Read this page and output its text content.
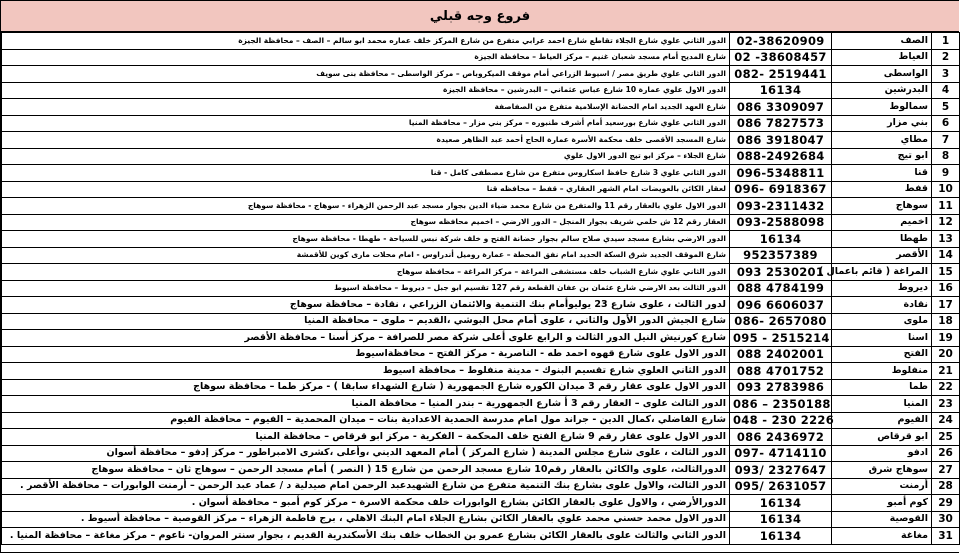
فروع وجه قبلي
الدور الثاني علوي شارع الجلاء تقاطع شارع احمد عرابي متفرع من شارع المركز خلف عماره محمد ابو سالم – الصف – محافظة الجيزة	02-38620909	الصف	1
شارع المديح أمام مسجد شعبان غنيم – مركز العياط – محافظة الجيزة	02 -38608457	العياط	2
الدور الثاني علوي طريق مصر / اسيوط الزراعي أمام موقف الميكروباص – مركز الواسطى – محافظة بنى سويف	082- 2519441	الواسطى	3
الدور الاول علوي عمارة 10 شارع عباس عثماني – البدرشين – محافظة الجيزة	16134	البدرشين	4
شارع العهد الجديد امام الحضانة الإسلامية متفرع من الصفاصفة	086 3309097	سمالوط	5
الدور الثاني علوي شارع بورسعيد أمام أشرف طنبوره – مركز بني مزار – محافظة المنيا	086 7827573	بني مزار	6
شارع المسجد الأقصى خلف محكمة الأسرة عمارة الحاج أحمد عبد الظاهر صعيدة	086 3918047	مطاي	7
شارع الجلاء – مركز ابو تيج الدور الاول علوي	088-2492684	ابو تيج	8
الدور الثاني علوي 3 شارع حافظ اسكاروس متفرع من شارع مصطفى كامل - قنا	096-5348811	قنا	9
لعقار الكائن بالعويضات امام الشهر العقاري – قفط – محافظه قنا	096- 6918367	قفط	10
الدور الاول علوي بالعقار رقم 11 والمتفرع من شارع محمد ضياء الدين بجوار مسجد عبد الرحمن الزهراء - سوهاج - محافظة سوهاج	093-2311432	سوهاج	11
العقار رقم 12 ش حلمي شريف بجوار المنجل – الدور الارضي – اخميم محافظه سوهاج	093-2588098	اخميم	12
الدور الارضي بشارع مسجد سيدي صلاح سالم بجوار حضانة الفتح و خلف شركة نبس للسياحة - طهطا - محافظة سوهاج	16134	طهطا	13
شارع الموقف الجديد شرق السكة الحديد امام نفق المحطة – عمارة روميل أندراوس - امام محلات مارى كوين للأقمشة	952357389	الأقصر	14
الدور الثاني علوي شارع الشباب خلف مستشفى المراغة – مركز المراغة – محافظة سوهاج	093 2530201	المراغة ( قائم باعمال )	15
الدور الثالث بعد الارضي شارع عثمان بن عفان القطعة رقم 127 تقسيم ابو جبل – ديروط – محافظة اسيوط	088 4784199	ديروط	16
لدور الثالث ، علوى شارع 23 يوليوأمام بنك التنمية والائتمان الزراعي ، نقادة – محافظة سوهاج	096 6606037	نقادة	17
شارع الجيش الدور الأول والثاني ، علوى أمام محل البوشي ،القديم – ملوى – محافظة المنيا	086- 2657080	ملوى	18
شارع كورنيش النيل الدور الثالث و الرابع علوى أعلى شركة مصر للصرافة – مركز أسنا – محافظة الأقصر	095 - 2515214	اسنا	19
الدور الاول علوى شارع قهوه احمد طه - الناصرية - مركز الفتح – محافظةاسيوط	088 2402001	الفتح	20
الدور الثاني العلوي شارع تقسيم البنوك - مدينة منفلوط – محافظة اسيوط	088 4701752	منفلوط	21
الدور الاول علوى عقار رقم 3 ميدان الكوره شارع الجمهورية ( شارع الشهداء سابقا ) - مركز طما – محافظة سوهاج	093 2783986	طما	22
الدور الثالث علوى – العقار رقم 3 أ شارع الجمهورية – بندر المنيا – محافظة المنيا	086 – 2350188	المنيا	23
شارع الفاضلي ،كمال الدين - جراند مول امام مدرسة الحمدية الاعدادية بنات – ميدان المحمدية – الفيوم – محافظة الفيوم	048 - 230 2226	الفيوم	24
الدور الاول علوى عقار رقم 9 شارع الفتح خلف المحكمة – الفكرية - مركز ابو قرقاص – محافظة المنيا	086 2436972	ابو قرقاص	25
الدور الثالث ، علوى شارع مجلس المدينة ( شارع المركز ) أمام المعهد الديني ،وأعلى ،كشرى الامبراطور – مركز إدفو – محافظة أسوان	097- 4714110	ادفو	26
الدورالثالث، علوى والكائن بالعقار رقم10 شارع مسجد الرحمن من شارع 15 ( النصر ) أمام مسجد الرحمن – سوهاج ثان – محافظة سوهاج	093/ 2327647	سوهاج شرق	27
الدور الثالث، والاول علوى بشارع بنك التنمية متفرع من شارع الشهيدعبد الرحمن امام صيدلية د / عماد عبد الرحمن – أرمنت الوابورات – محافظة الأقصر .	095/ 2631057	أرمنت	28
الدورالأرضي ، والاول علوى بالعقار الكائن بشارع الوابورات خلف محكمة الاسرة – مركز كوم أمبو – محافظة أسوان .	16134	كوم أمبو	29
الدور الاول محمد حسني محمد علوي بالعقار الكائن بشارع الجلاء امام البنك الاهلي ، برج فاطمة الزهراء – مركز القوصية – محافظة أسيوط .	16134	القوصية	30
الدور الثاني والثالث علوى بالعقار الكائن بشارع عمرو بن الخطاب خلف بنك الأسكندرية القديم ، بجوار سنتر المروان- ناعوم – مركز مغاغة – محافظة المنيا .	16134	مغاغة	31
